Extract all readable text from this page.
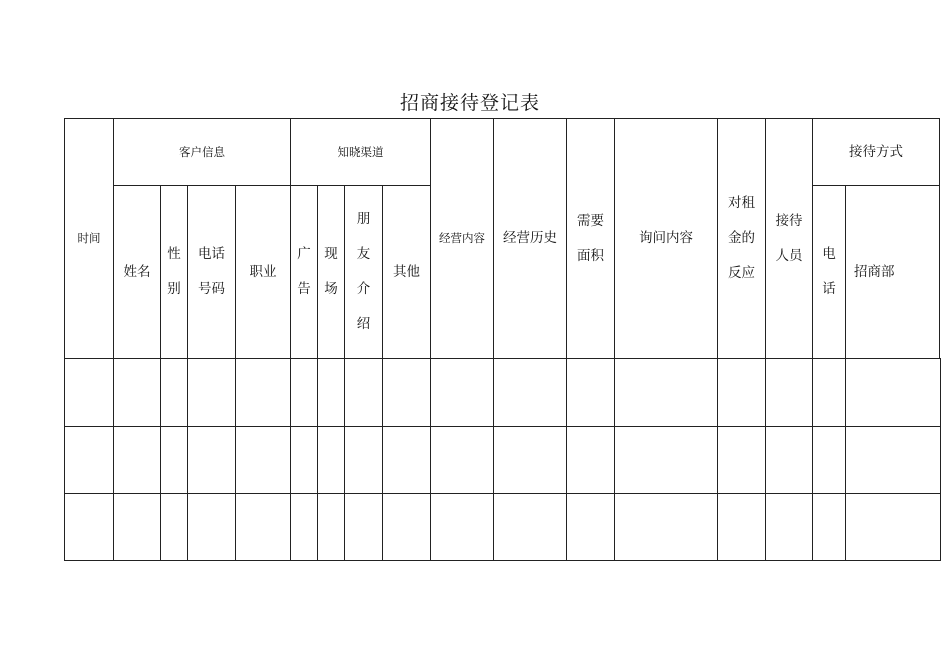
招商接待登记表
时间
客户信息
姓名
性别
电话号码
职业
知晓渠道
广告
现场
朋友介绍
其他
经营内容	经营历史
需要面积
询问内容
对租金的反应
接待人员
接待方式
电话
招商部
